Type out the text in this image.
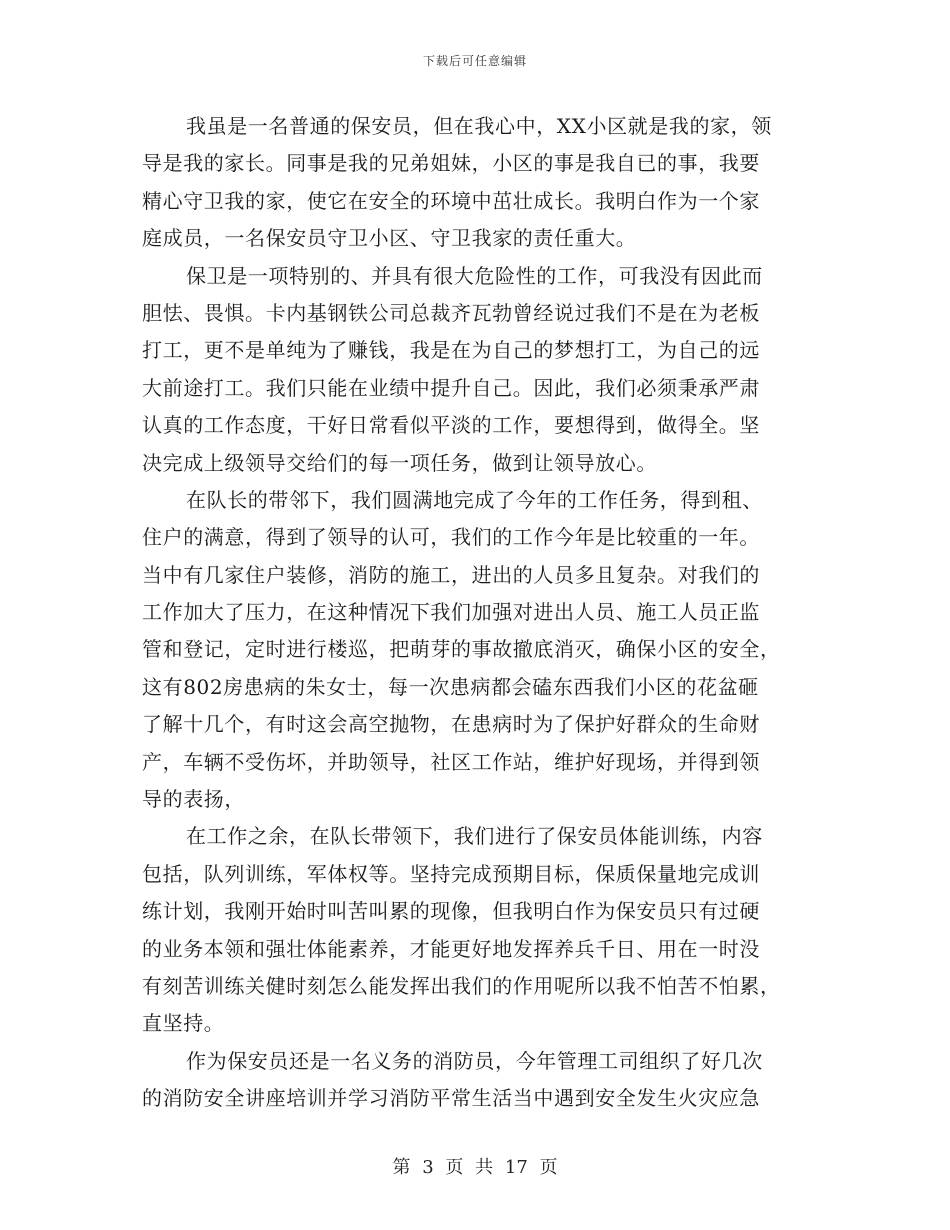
下载后可任意编辑
我虽是一名普通的保安员，但在我心中，XX小区就是我的家，领
导是我的家长。同事是我的兄弟姐妹，小区的事是我自已的事，我要
精心守卫我的家，使它在安全的环境中茁壮成长。我明白作为一个家
庭成员，一名保安员守卫小区、守卫我家的责任重大。
保卫是一项特别的、并具有很大危险性的工作，可我没有因此而
胆怯、畏惧。卡内基钢铁公司总裁齐瓦勃曾经说过我们不是在为老板
打工，更不是单纯为了赚钱，我是在为自己的梦想打工，为自己的远
大前途打工。我们只能在业绩中提升自己。因此，我们必须秉承严肃
认真的工作态度，干好日常看似平淡的工作，要想得到，做得全。坚
决完成上级领导交给们的每一项任务，做到让领导放心。
在队长的带邻下，我们圆满地完成了今年的工作任务，得到租、
住户的满意，得到了领导的认可，我们的工作今年是比较重的一年。
当中有几家住户装修，消防的施工，进出的人员多且复杂。对我们的
工作加大了压力，在这种情况下我们加强对进出人员、施工人员正监
管和登记，定时进行楼巡，把萌芽的事故撤底消灭，确保小区的安全，
这有802房患病的朱女士，每一次患病都会磕东西我们小区的花盆砸
了解十几个，有时这会高空抛物，在患病时为了保护好群众的生命财
产，车辆不受伤坏，并助领导，社区工作站，维护好现场，并得到领
导的表扬，
在工作之余，在队长带领下，我们进行了保安员体能训练，内容
包括，队列训练，军体权等。坚持完成预期目标，保质保量地完成训
练计划，我刚开始时叫苦叫累的现像，但我明白作为保安员只有过硬
的业务本领和强壮体能素养，才能更好地发挥养兵千日、用在一时没
有刻苦训练关健时刻怎么能发挥出我们的作用呢所以我不怕苦不怕累，
直坚持。
作为保安员还是一名义务的消防员，今年管理工司组织了好几次
的消防安全讲座培训并学习消防平常生活当中遇到安全发生火灾应急
第 3 页 共 17 页
